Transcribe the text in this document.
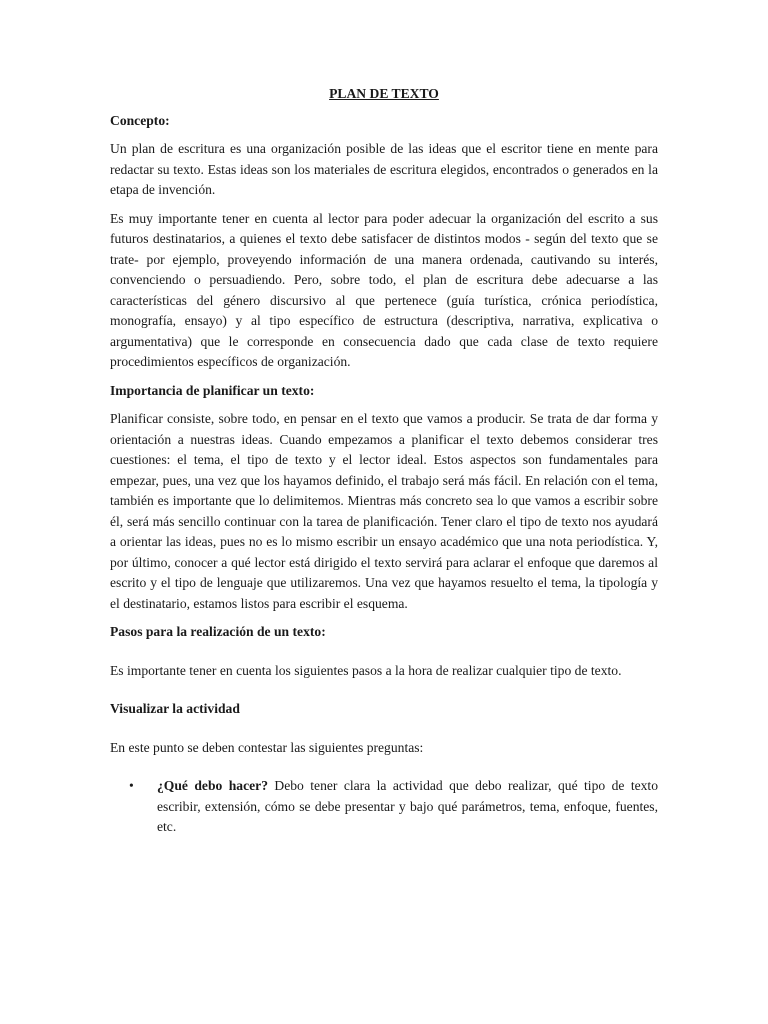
PLAN DE TEXTO
Concepto:

Un plan de escritura es una organización posible de las ideas que el escritor tiene en mente para redactar su texto. Estas ideas son los materiales de escritura elegidos, encontrados o generados en la etapa de invención.

Es muy importante tener en cuenta al lector para poder adecuar la organización del escrito a sus futuros destinatarios, a quienes el texto debe satisfacer de distintos modos - según del texto que se trate- por ejemplo, proveyendo información de una manera ordenada, cautivando su interés, convenciendo o persuadiendo. Pero, sobre todo, el plan de escritura debe adecuarse a las características del género discursivo al que pertenece (guía turística, crónica periodística, monografía, ensayo) y al tipo específico de estructura (descriptiva, narrativa, explicativa o argumentativa) que le corresponde en consecuencia dado que cada clase de texto requiere procedimientos específicos de organización.

Importancia de planificar un texto:

Planificar consiste, sobre todo, en pensar en el texto que vamos a producir. Se trata de dar forma y orientación a nuestras ideas. Cuando empezamos a planificar el texto debemos considerar tres cuestiones: el tema, el tipo de texto y el lector ideal. Estos aspectos son fundamentales para empezar, pues, una vez que los hayamos definido, el trabajo será más fácil. En relación con el tema, también es importante que lo delimitemos. Mientras más concreto sea lo que vamos a escribir sobre él, será más sencillo continuar con la tarea de planificación. Tener claro el tipo de texto nos ayudará a orientar las ideas, pues no es lo mismo escribir un ensayo académico que una nota periodística. Y, por último, conocer a qué lector está dirigido el texto servirá para aclarar el enfoque que daremos al escrito y el tipo de lenguaje que utilizaremos. Una vez que hayamos resuelto el tema, la tipología y el destinatario, estamos listos para escribir el esquema.

Pasos para la realización de un texto:

Es importante tener en cuenta los siguientes pasos a la hora de realizar cualquier tipo de texto.

Visualizar la actividad

En este punto se deben contestar las siguientes preguntas:

• ¿Qué debo hacer? Debo tener clara la actividad que debo realizar, qué tipo de texto escribir, extensión, cómo se debe presentar y bajo qué parámetros, tema, enfoque, fuentes, etc.
